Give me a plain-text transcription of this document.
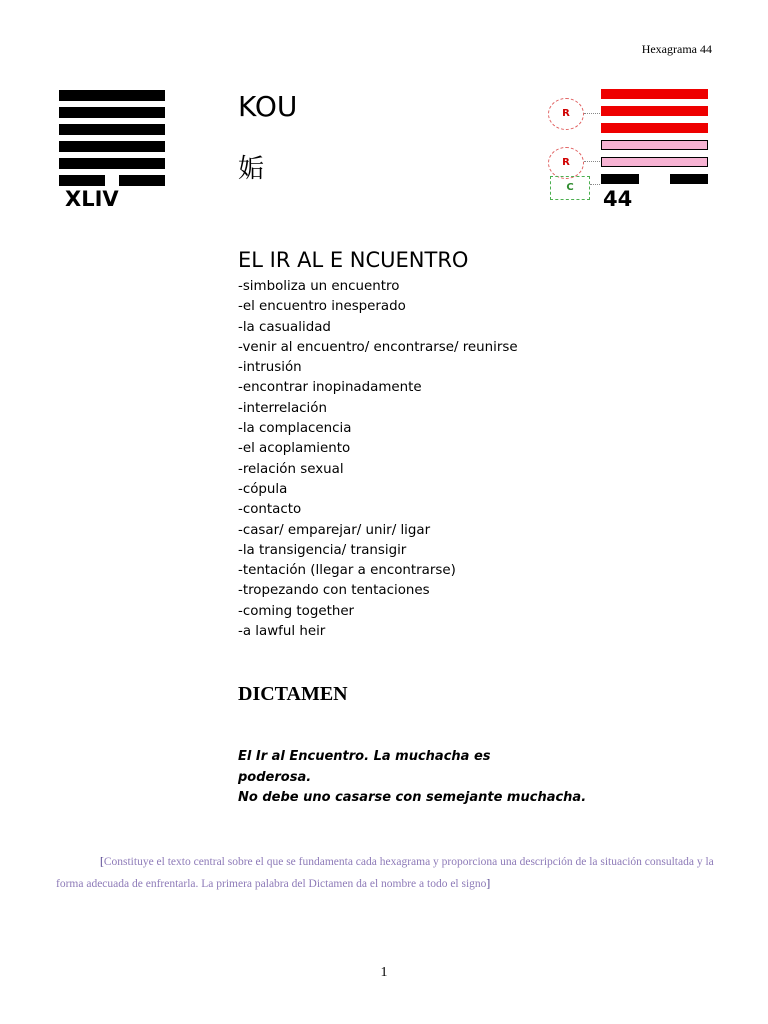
Hexagrama 44
XLIV
KOU
姤
R
R
C	44
EL IR AL E NCUENTRO
-simboliza un encuentro
-el encuentro inesperado
-la casualidad
-venir al encuentro/ encontrarse/ reunirse
-intrusión
-encontrar inopinadamente
-interrelación
-la complacencia
-el acoplamiento
-relación sexual
-cópula
-contacto
-casar/ emparejar/ unir/ ligar
-la transigencia/ transigir
-tentación (llegar a encontrarse)
-tropezando con tentaciones
-coming together
-a lawful heir
DICTAMEN
El Ir al Encuentro. La muchacha es
poderosa.
No debe uno casarse con semejante muchacha.
[Constituye el texto central sobre el que se fundamenta cada hexagrama y proporciona una descripción de la situación consultada y la forma adecuada de enfrentarla. La primera palabra del Dictamen da el nombre a todo el signo]
1
